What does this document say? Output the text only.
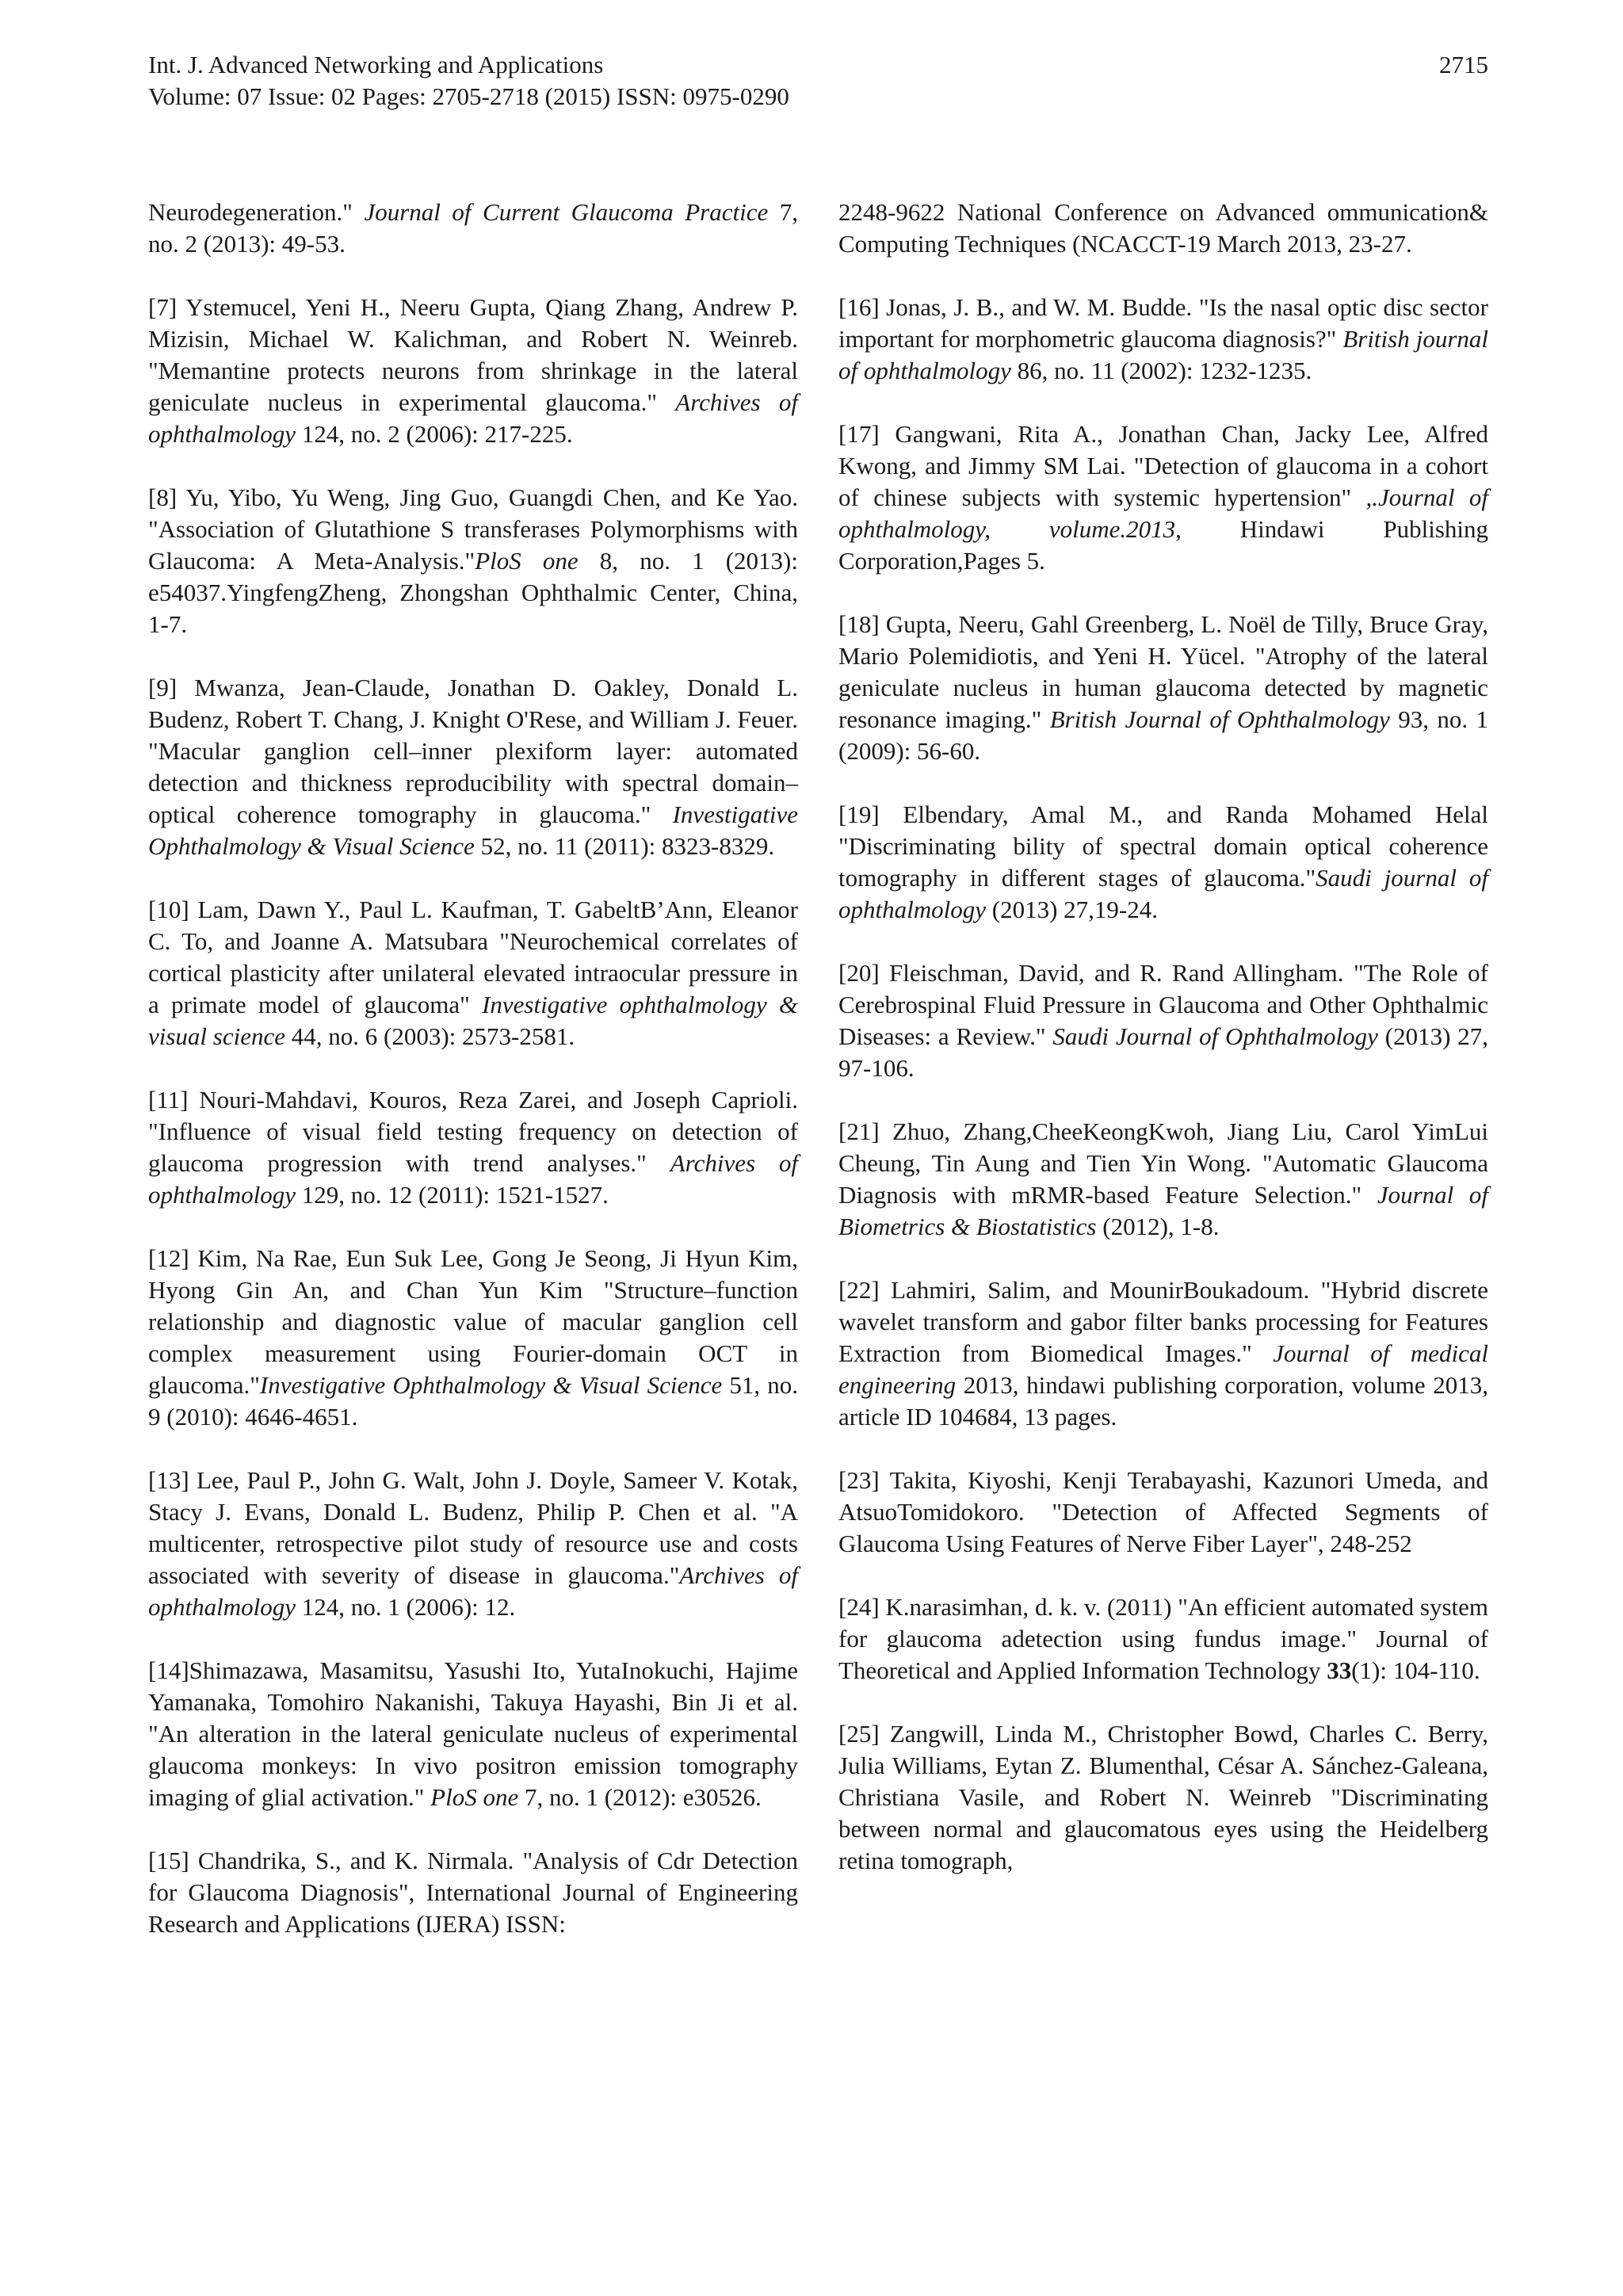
Int. J. Advanced Networking and Applications
Volume: 07 Issue: 02 Pages: 2705-2718 (2015) ISSN: 0975-0290
2715

Neurodegeneration." Journal of Current Glaucoma Practice 7, no. 2 (2013): 49-53.

[7] Ystemucel, Yeni H., Neeru Gupta, Qiang Zhang, Andrew P. Mizisin, Michael W. Kalichman, and Robert N. Weinreb. "Memantine protects neurons from shrinkage in the lateral geniculate nucleus in experimental glaucoma." Archives of ophthalmology 124, no. 2 (2006): 217-225.

[8] Yu, Yibo, Yu Weng, Jing Guo, Guangdi Chen, and Ke Yao. "Association of Glutathione S transferases Polymorphisms with Glaucoma: A Meta-Analysis."PloS one 8, no. 1 (2013): e54037.YingfengZheng, Zhongshan Ophthalmic Center, China, 1-7.

[9] Mwanza, Jean-Claude, Jonathan D. Oakley, Donald L. Budenz, Robert T. Chang, J. Knight O'Rese, and William J. Feuer. "Macular ganglion cell–inner plexiform layer: automated detection and thickness reproducibility with spectral domain–optical coherence tomography in glaucoma." Investigative Ophthalmology & Visual Science 52, no. 11 (2011): 8323-8329.

[10] Lam, Dawn Y., Paul L. Kaufman, T. GabeltB’Ann, Eleanor C. To, and Joanne A. Matsubara "Neurochemical correlates of cortical plasticity after unilateral elevated intraocular pressure in a primate model of glaucoma" Investigative ophthalmology & visual science 44, no. 6 (2003): 2573-2581.

[11] Nouri-Mahdavi, Kouros, Reza Zarei, and Joseph Caprioli. "Influence of visual field testing frequency on detection of glaucoma progression with trend analyses." Archives of ophthalmology 129, no. 12 (2011): 1521-1527.

[12] Kim, Na Rae, Eun Suk Lee, Gong Je Seong, Ji Hyun Kim, Hyong Gin An, and Chan Yun Kim "Structure–function relationship and diagnostic value of macular ganglion cell complex measurement using Fourier-domain OCT in glaucoma."Investigative Ophthalmology & Visual Science 51, no. 9 (2010): 4646-4651.

[13] Lee, Paul P., John G. Walt, John J. Doyle, Sameer V. Kotak, Stacy J. Evans, Donald L. Budenz, Philip P. Chen et al. "A multicenter, retrospective pilot study of resource use and costs associated with severity of disease in glaucoma."Archives of ophthalmology 124, no. 1 (2006): 12.

[14]Shimazawa, Masamitsu, Yasushi Ito, YutaInokuchi, Hajime Yamanaka, Tomohiro Nakanishi, Takuya Hayashi, Bin Ji et al. "An alteration in the lateral geniculate nucleus of experimental glaucoma monkeys: In vivo positron emission tomography imaging of glial activation." PloS one 7, no. 1 (2012): e30526.

[15] Chandrika, S., and K. Nirmala. "Analysis of Cdr Detection for Glaucoma Diagnosis", International Journal of Engineering Research and Applications (IJERA) ISSN:

2248-9622 National Conference on Advanced ommunication& Computing Techniques (NCACCT-19 March 2013, 23-27.

[16] Jonas, J. B., and W. M. Budde. "Is the nasal optic disc sector important for morphometric glaucoma diagnosis?" British journal of ophthalmology 86, no. 11 (2002): 1232-1235.

[17] Gangwani, Rita A., Jonathan Chan, Jacky Lee, Alfred Kwong, and Jimmy SM Lai. "Detection of glaucoma in a cohort of chinese subjects with systemic hypertension" ,.Journal of ophthalmology, volume.2013, Hindawi Publishing Corporation,Pages 5.

[18] Gupta, Neeru, Gahl Greenberg, L. Noël de Tilly, Bruce Gray, Mario Polemidiotis, and Yeni H. Yücel. "Atrophy of the lateral geniculate nucleus in human glaucoma detected by magnetic resonance imaging." British Journal of Ophthalmology 93, no. 1 (2009): 56-60.

[19] Elbendary, Amal M., and Randa Mohamed Helal "Discriminating bility of spectral domain optical coherence tomography in different stages of glaucoma."Saudi journal of ophthalmology (2013) 27,19-24.

[20] Fleischman, David, and R. Rand Allingham. "The Role of Cerebrospinal Fluid Pressure in Glaucoma and Other Ophthalmic Diseases: a Review." Saudi Journal of Ophthalmology (2013) 27, 97-106.

[21] Zhuo, Zhang,CheeKeongKwoh, Jiang Liu, Carol YimLui Cheung, Tin Aung and Tien Yin Wong. "Automatic Glaucoma Diagnosis with mRMR-based Feature Selection." Journal of Biometrics & Biostatistics (2012), 1-8.

[22] Lahmiri, Salim, and MounirBoukadoum. "Hybrid discrete wavelet transform and gabor filter banks processing for Features Extraction from Biomedical Images." Journal of medical engineering 2013, hindawi publishing corporation, volume 2013, article ID 104684, 13 pages.

[23] Takita, Kiyoshi, Kenji Terabayashi, Kazunori Umeda, and AtsuoTomidokoro. "Detection of Affected Segments of Glaucoma Using Features of Nerve Fiber Layer", 248-252

[24] K.narasimhan, d. k. v. (2011) "An efficient automated system for glaucoma adetection using fundus image." Journal of Theoretical and Applied Information Technology 33(1): 104-110.

[25] Zangwill, Linda M., Christopher Bowd, Charles C. Berry, Julia Williams, Eytan Z. Blumenthal, César A. Sánchez-Galeana, Christiana Vasile, and Robert N. Weinreb "Discriminating between normal and glaucomatous eyes using the Heidelberg retina tomograph,
